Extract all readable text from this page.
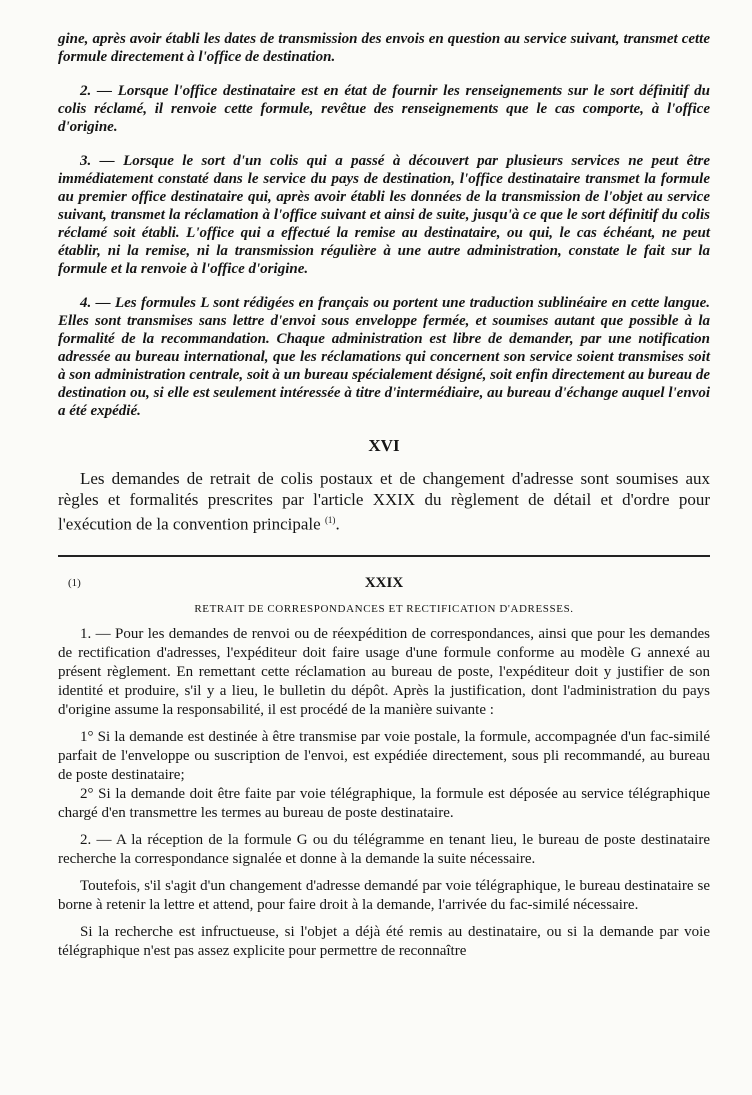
gine, après avoir établi les dates de transmission des envois en question au service suivant, transmet cette formule directement à l'office de destination.

2. — Lorsque l'office destinataire est en état de fournir les renseignements sur le sort définitif du colis réclamé, il renvoie cette formule, revêtue des renseignements que le cas comporte, à l'office d'origine.

3. — Lorsque le sort d'un colis qui a passé à découvert par plusieurs services ne peut être immédiatement constaté dans le service du pays de destination, l'office destinataire transmet la formule au premier office destinataire qui, après avoir établi les données de la transmission de l'objet au service suivant, transmet la réclamation à l'office suivant et ainsi de suite, jusqu'à ce que le sort définitif du colis réclamé soit établi. L'office qui a effectué la remise au destinataire, ou qui, le cas échéant, ne peut établir, ni la remise, ni la transmission régulière à une autre administration, constate le fait sur la formule et la renvoie à l'office d'origine.

4. — Les formules L sont rédigées en français ou portent une traduction sublinéaire en cette langue. Elles sont transmises sans lettre d'envoi sous enveloppe fermée, et soumises autant que possible à la formalité de la recommandation. Chaque administration est libre de demander, par une notification adressée au bureau international, que les réclamations qui concernent son service soient transmises soit à son administration centrale, soit à un bureau spécialement désigné, soit enfin directement au bureau de destination ou, si elle est seulement intéressée à titre d'intermédiaire, au bureau d'échange auquel l'envoi a été expédié.

XVI

Les demandes de retrait de colis postaux et de changement d'adresse sont soumises aux règles et formalités prescrites par l'article XXIX du règlement de détail et d'ordre pour l'exécution de la convention principale $^{(1)}$.

(1)	XXIX
RETRAIT DE CORRESPONDANCES ET RECTIFICATION D'ADRESSES.

1. — Pour les demandes de renvoi ou de réexpédition de correspondances, ainsi que pour les demandes de rectification d'adresses, l'expéditeur doit faire usage d'une formule conforme au modèle G annexé au présent règlement. En remettant cette réclamation au bureau de poste, l'expéditeur doit y justifier de son identité et produire, s'il y a lieu, le bulletin du dépôt. Après la justification, dont l'administration du pays d'origine assume la responsabilité, il est procédé de la manière suivante :

1° Si la demande est destinée à être transmise par voie postale, la formule, accompagnée d'un fac-similé parfait de l'enveloppe ou suscription de l'envoi, est expédiée directement, sous pli recommandé, au bureau de poste destinataire;

2° Si la demande doit être faite par voie télégraphique, la formule est déposée au service télégraphique chargé d'en transmettre les termes au bureau de poste destinataire.

2. — A la réception de la formule G ou du télégramme en tenant lieu, le bureau de poste destinataire recherche la correspondance signalée et donne à la demande la suite nécessaire.

Toutefois, s'il s'agit d'un changement d'adresse demandé par voie télégraphique, le bureau destinataire se borne à retenir la lettre et attend, pour faire droit à la demande, l'arrivée du fac-similé nécessaire.

Si la recherche est infructueuse, si l'objet a déjà été remis au destinataire, ou si la demande par voie télégraphique n'est pas assez explicite pour permettre de reconnaître
